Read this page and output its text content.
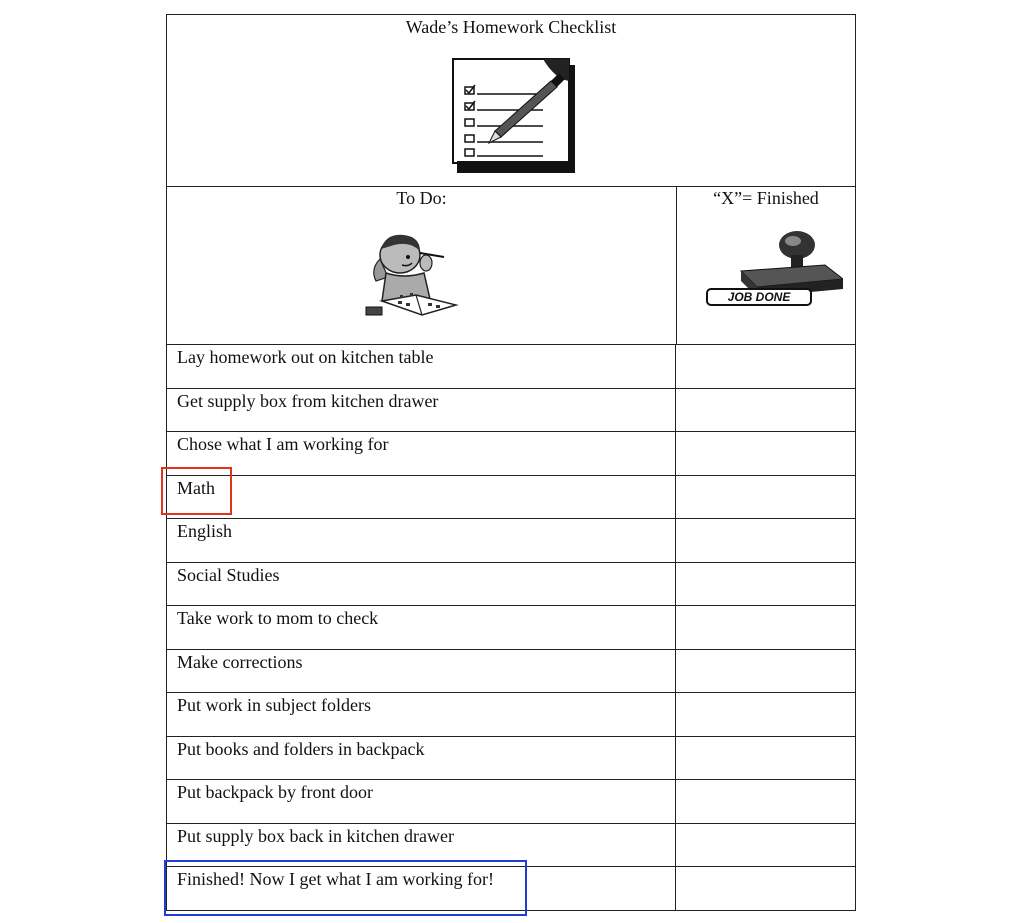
Wade’s Homework Checklist
To Do:	“X”= Finished
JOB DONE
Lay homework out on kitchen table
Get supply box from kitchen drawer
Chose what I am working for
Math
English
Social Studies
Take work to mom to check
Make corrections
Put work in subject folders
Put books and folders in backpack
Put backpack by front door
Put supply box back in kitchen drawer
Finished! Now I get what I am working for!
